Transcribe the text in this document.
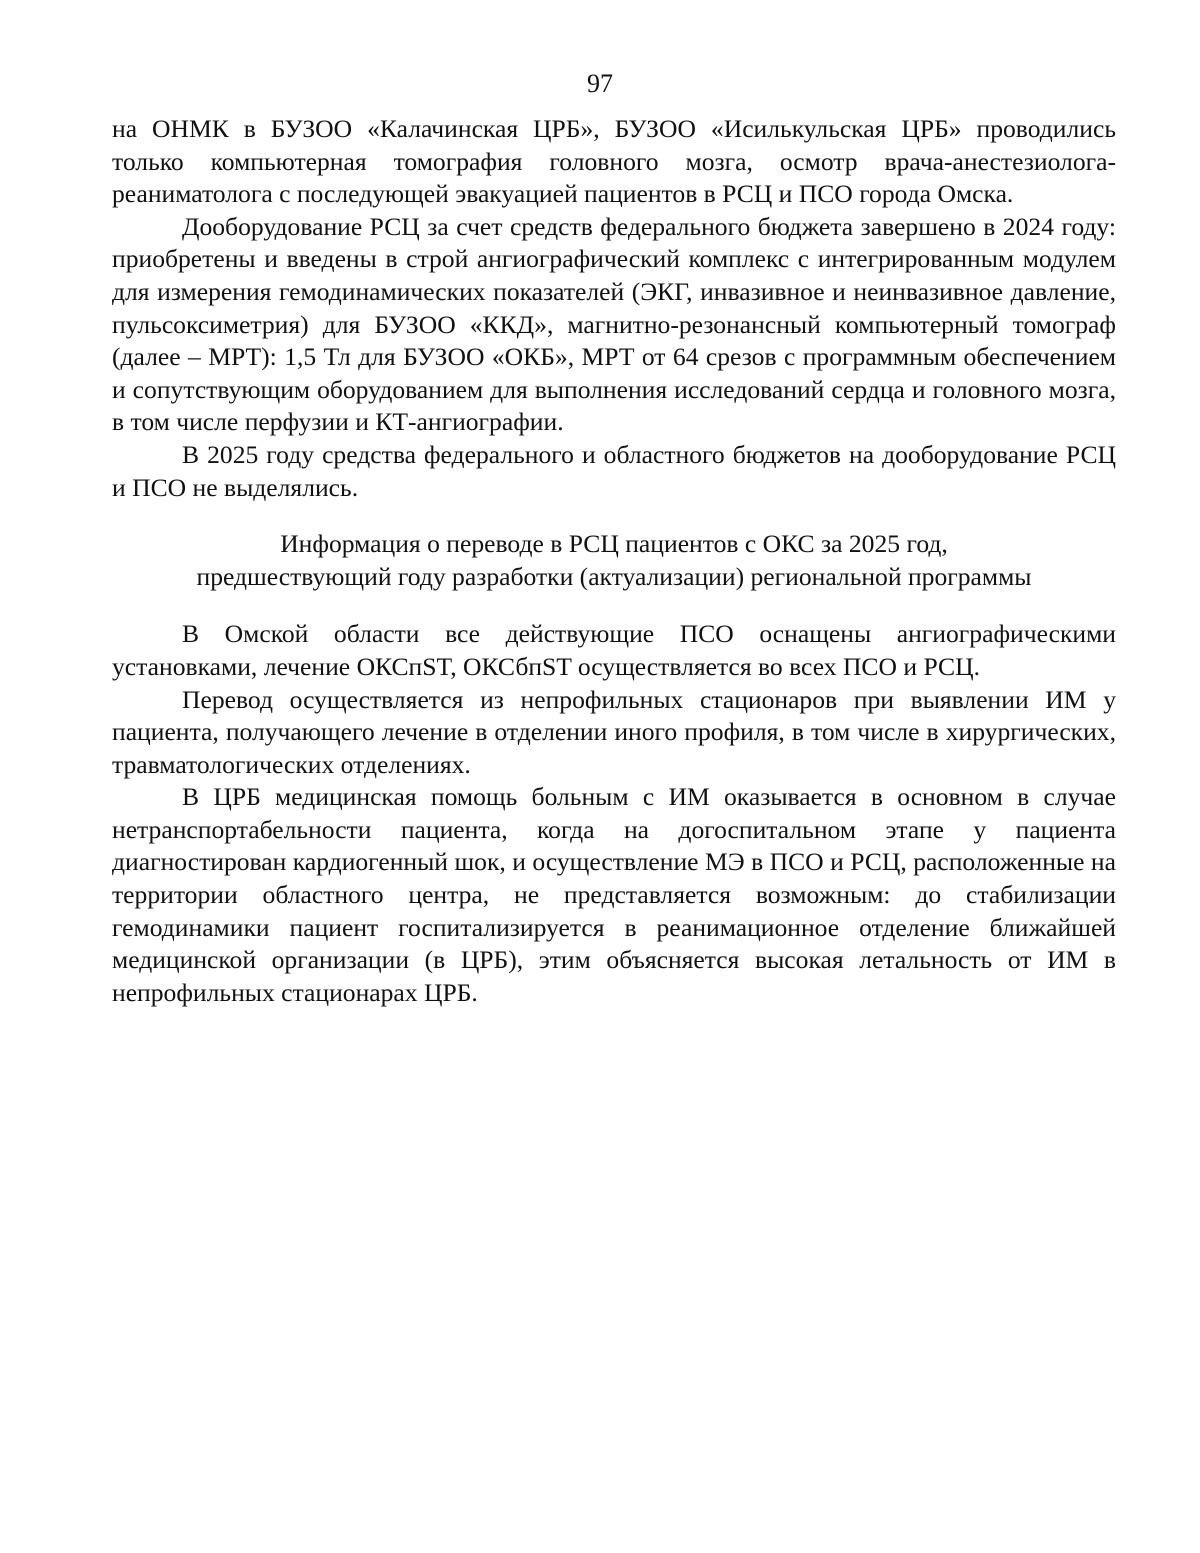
97

на ОНМК в БУЗОО «Калачинская ЦРБ», БУЗОО «Исилькульская ЦРБ» проводились только компьютерная томография головного мозга, осмотр врача-анестезиолога-реаниматолога с последующей эвакуацией пациентов в РСЦ и ПСО города Омска.

Дооборудование РСЦ за счет средств федерального бюджета завершено в 2024 году: приобретены и введены в строй ангиографический комплекс с интегрированным модулем для измерения гемодинамических показателей (ЭКГ, инвазивное и неинвазивное давление, пульсоксиметрия) для БУЗОО «ККД», магнитно-резонансный компьютерный томограф (далее – МРТ): 1,5 Тл для БУЗОО «ОКБ», МРТ от 64 срезов с программным обеспечением и сопутствующим оборудованием для выполнения исследований сердца и головного мозга, в том числе перфузии и КТ-ангиографии.

В 2025 году средства федерального и областного бюджетов на дооборудование РСЦ и ПСО не выделялись.

Информация о переводе в РСЦ пациентов с ОКС за 2025 год,
предшествующий году разработки (актуализации) региональной программы

В Омской области все действующие ПСО оснащены ангиографическими установками, лечение ОКСпST, ОКСбпST осуществляется во всех ПСО и РСЦ.

Перевод осуществляется из непрофильных стационаров при выявлении ИМ у пациента, получающего лечение в отделении иного профиля, в том числе в хирургических, травматологических отделениях.

В ЦРБ медицинская помощь больным с ИМ оказывается в основном в случае нетранспортабельности пациента, когда на догоспитальном этапе у пациента диагностирован кардиогенный шок, и осуществление МЭ в ПСО и РСЦ, расположенные на территории областного центра, не представляется возможным: до стабилизации гемодинамики пациент госпитализируется в реанимационное отделение ближайшей медицинской организации (в ЦРБ), этим объясняется высокая летальность от ИМ в непрофильных стационарах ЦРБ.
